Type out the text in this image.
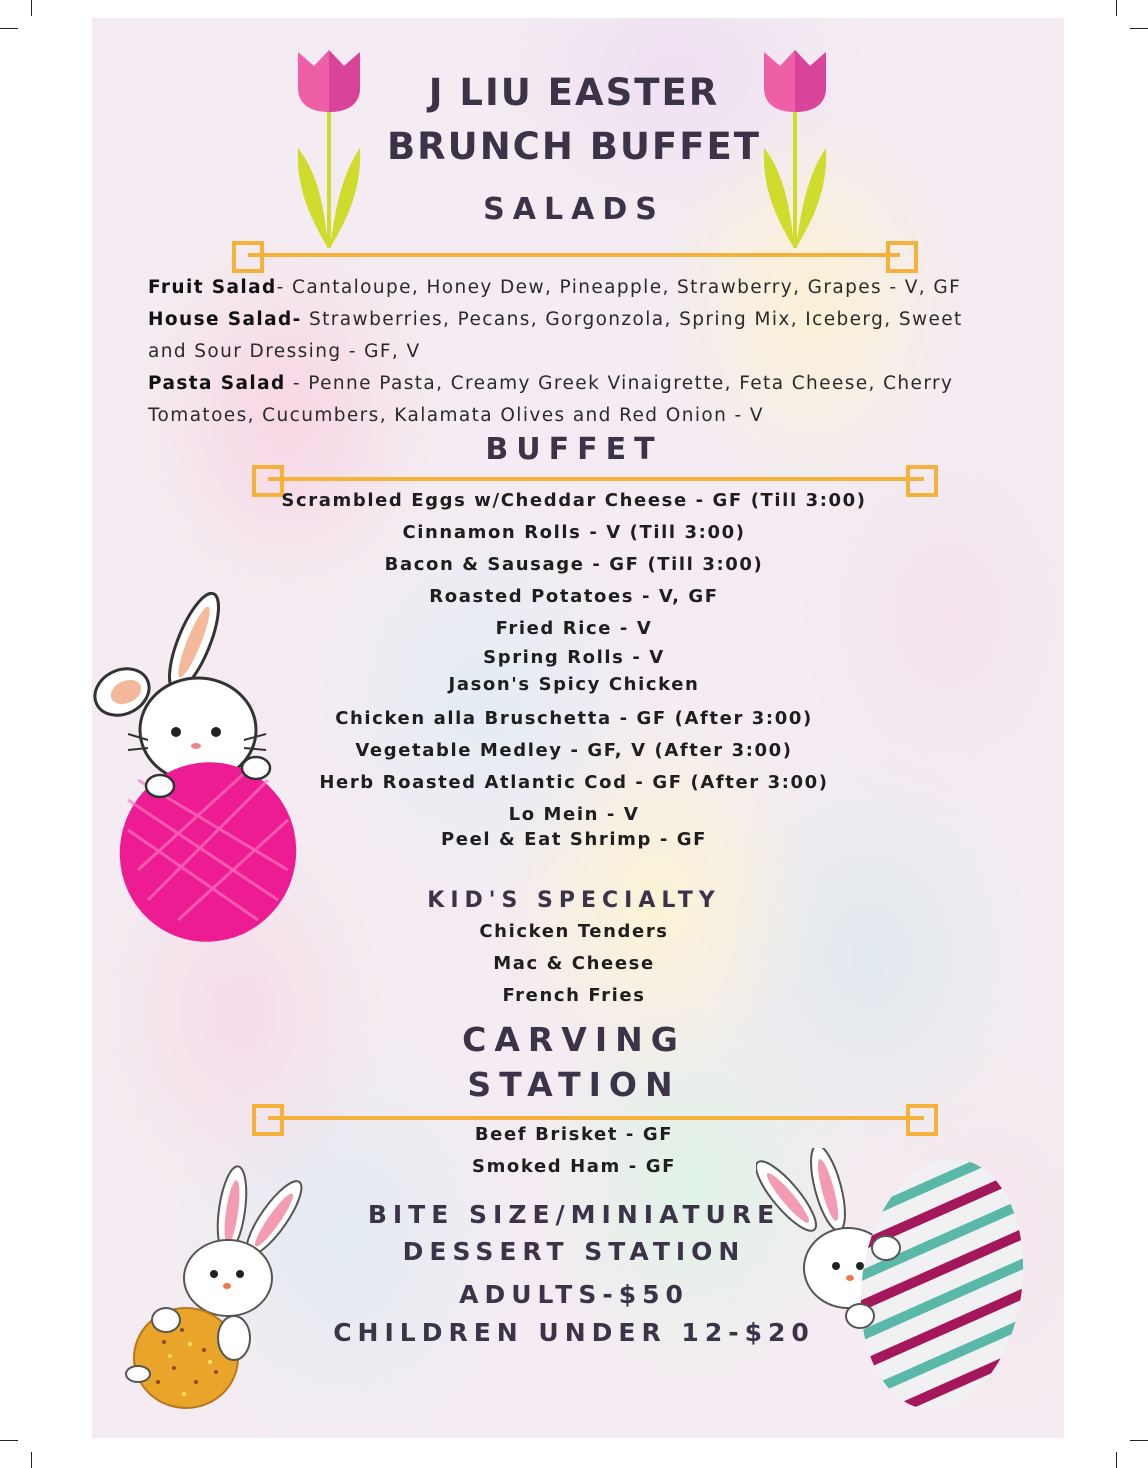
J LIU EASTER
BRUNCH BUFFET
SALADS
Fruit Salad- Cantaloupe, Honey Dew, Pineapple, Strawberry, Grapes - V, GF
House Salad- Strawberries, Pecans, Gorgonzola, Spring Mix, Iceberg, Sweet and Sour Dressing - GF, V
Pasta Salad - Penne Pasta, Creamy Greek Vinaigrette, Feta Cheese, Cherry Tomatoes, Cucumbers, Kalamata Olives and Red Onion - V
BUFFET
Scrambled Eggs w/Cheddar Cheese - GF (Till 3:00)
Cinnamon Rolls - V (Till 3:00)
Bacon & Sausage - GF (Till 3:00)
Roasted Potatoes - V, GF
Fried Rice - V
Spring Rolls - V
Jason's Spicy Chicken
Chicken alla Bruschetta - GF (After 3:00)
Vegetable Medley - GF, V (After 3:00)
Herb Roasted Atlantic Cod - GF (After 3:00)
Lo Mein - V
Peel & Eat Shrimp - GF
KID'S SPECIALTY
Chicken Tenders
Mac & Cheese
French Fries
CARVING
STATION
Beef Brisket - GF
Smoked Ham - GF
BITE SIZE/MINIATURE
DESSERT STATION
ADULTS-$50
CHILDREN UNDER 12-$20
